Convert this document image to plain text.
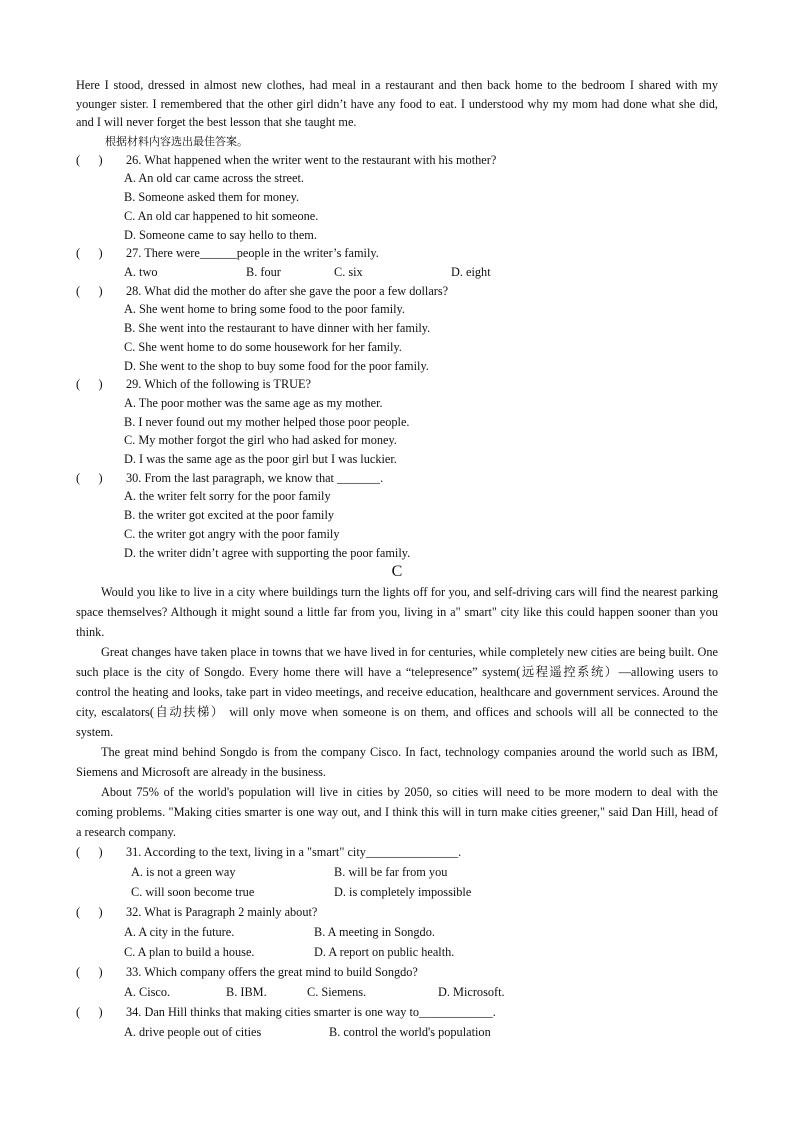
Here I stood, dressed in almost new clothes, had meal in a restaurant and then back home to the bedroom I shared with my younger sister. I remembered that the other girl didn’t have any food to eat. I understood why my mom had done what she did, and I will never forget the best lesson that she taught me.

根据材料内容选出最佳答案。
(      )	26. What happened when the writer went to the restaurant with his mother?
A. An old car came across the street.
B. Someone asked them for money.
C. An old car happened to hit someone.
D. Someone came to say hello to them.
(      )	27. There were______people in the writer’s family.
A. two	B. four	C. six	D. eight
(      )	28. What did the mother do after she gave the poor a few dollars?
A. She went home to bring some food to the poor family.
B. She went into the restaurant to have dinner with her family.
C. She went home to do some housework for her family.
D. She went to the shop to buy some food for the poor family.
(      )	29. Which of the following is TRUE?
A. The poor mother was the same age as my mother.
B. I never found out my mother helped those poor people.
C. My mother forgot the girl who had asked for money.
D. I was the same age as the poor girl but I was luckier.
(      )	30. From the last paragraph, we know that _______.
A. the writer felt sorry for the poor family
B. the writer got excited at the poor family
C. the writer got angry with the poor family
D. the writer didn’t agree with supporting the poor family.
C

Would you like to live in a city where buildings turn the lights off for you, and self-driving cars will find the nearest parking space themselves? Although it might sound a little far from you, living in a" smart" city like this could happen sooner than you think.

Great changes have taken place in towns that we have lived in for centuries, while completely new cities are being built. One such place is the city of Songdo. Every home there will have a “telepresence” system(远程遥控系统）—allowing users to control the heating and looks, take part in video meetings, and receive education, healthcare and government services. Around the city, escalators(自动扶梯） will only move when someone is on them, and offices and schools will all be connected to the system.

The great mind behind Songdo is from the company Cisco. In fact, technology companies around the world such as IBM, Siemens and Microsoft are already in the business.

About 75% of the world's population will live in cities by 2050, so cities will need to be more modern to deal with the coming problems. "Making cities smarter is one way out, and I think this will in turn make cities greener," said Dan Hill, head of a research company.

(      )	31. According to the text, living in a "smart" city_______________.
A. is not a green way	B. will be far from you
C. will soon become true	D. is completely impossible
(      )	32. What is Paragraph 2 mainly about?
A. A city in the future.	B. A meeting in Songdo.
C. A plan to build a house.	D. A report on public health.
(      )	33. Which company offers the great mind to build Songdo?
A. Cisco.	B. IBM.	C. Siemens.	D. Microsoft.
(      )	34. Dan Hill thinks that making cities smarter is one way to____________.
A. drive people out of cities	B. control the world's population
